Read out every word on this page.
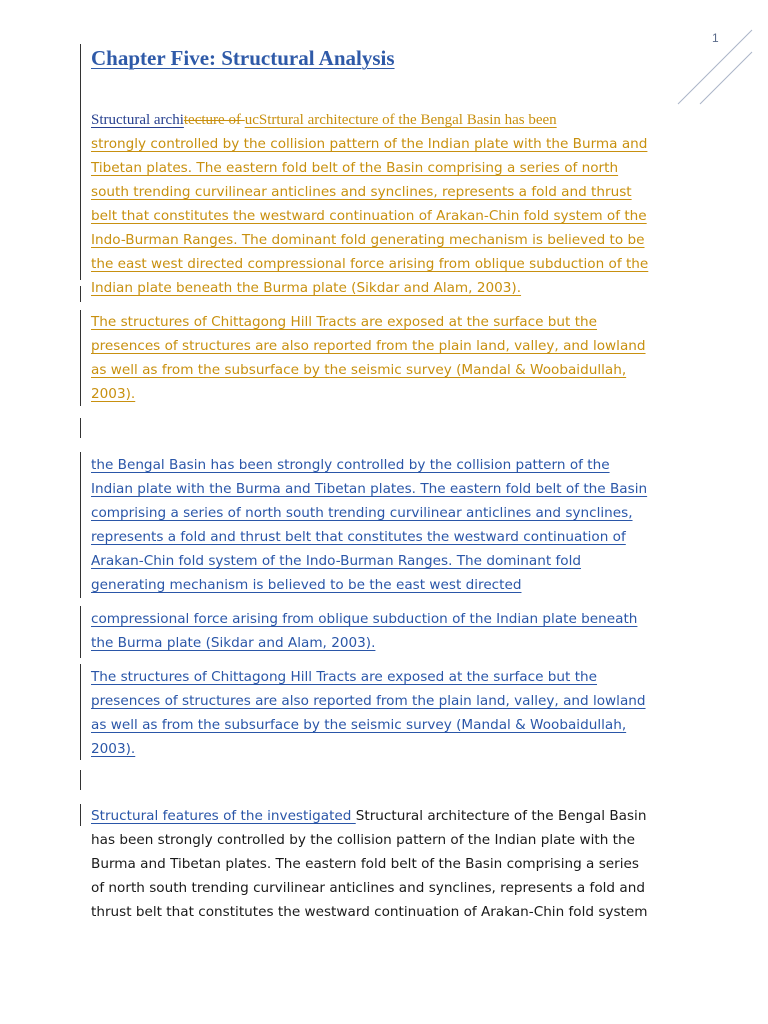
1
Chapter Five: Structural Analysis

Structural architecture of ucStrtural architecture of the Bengal Basin has been
strongly controlled by the collision pattern of the Indian plate with the Burma and
Tibetan plates. The eastern fold belt of the Basin comprising a series of north
south trending curvilinear anticlines and synclines, represents a fold and thrust
belt that constitutes the westward continuation of Arakan-Chin fold system of the
Indo-Burman Ranges. The dominant fold generating mechanism is believed to be
the east west directed compressional force arising from oblique subduction of the
Indian plate beneath the Burma plate (Sikdar and Alam, 2003).

The structures of Chittagong Hill Tracts are exposed at the surface but the
presences of structures are also reported from the plain land, valley, and lowland
as well as from the subsurface by the seismic survey (Mandal & Woobaidullah,
2003).

the Bengal Basin has been strongly controlled by the collision pattern of the
Indian plate with the Burma and Tibetan plates. The eastern fold belt of the Basin
comprising a series of north south trending curvilinear anticlines and synclines,
represents a fold and thrust belt that constitutes the westward continuation of
Arakan-Chin fold system of the Indo-Burman Ranges. The dominant fold
generating mechanism is believed to be the east west directed

compressional force arising from oblique subduction of the Indian plate beneath
the Burma plate (Sikdar and Alam, 2003).

The structures of Chittagong Hill Tracts are exposed at the surface but the
presences of structures are also reported from the plain land, valley, and lowland
as well as from the subsurface by the seismic survey (Mandal & Woobaidullah,
2003).

Structural features of the investigated Structural architecture of the Bengal Basin
has been strongly controlled by the collision pattern of the Indian plate with the
Burma and Tibetan plates. The eastern fold belt of the Basin comprising a series
of north south trending curvilinear anticlines and synclines, represents a fold and
thrust belt that constitutes the westward continuation of Arakan-Chin fold system
